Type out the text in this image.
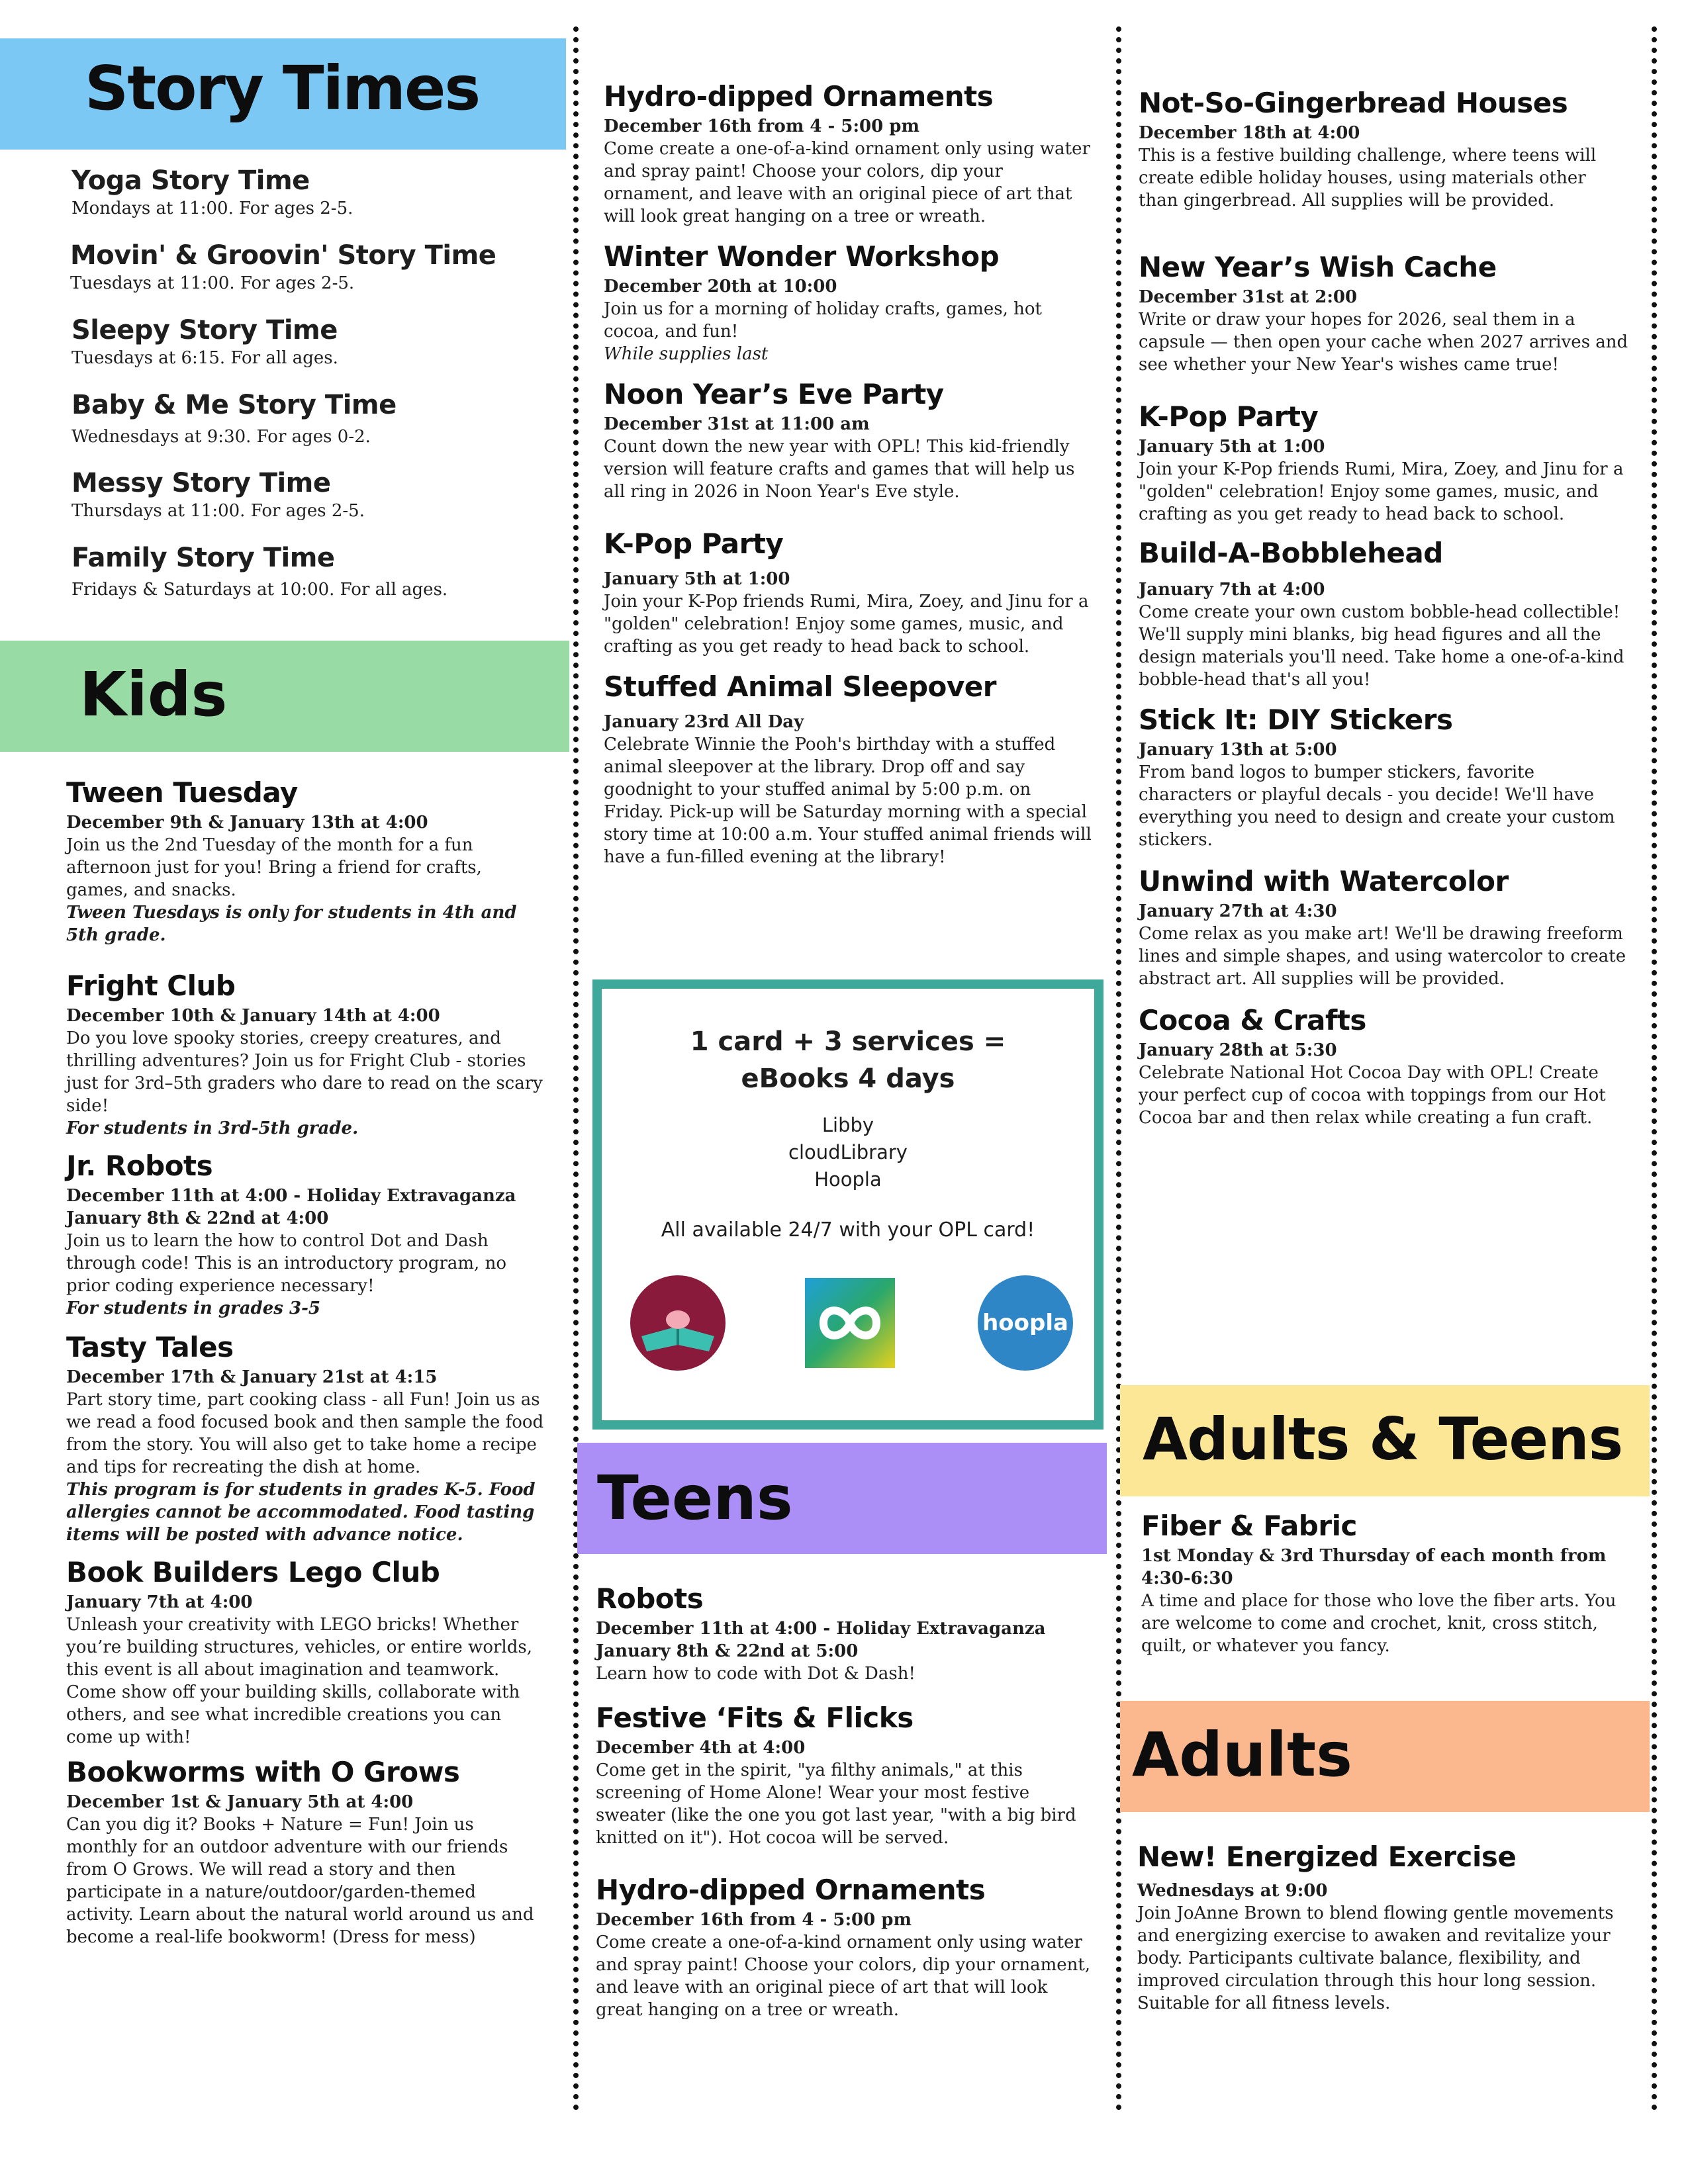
Story Times
Yoga Story Time
Mondays at 11:00. For ages 2-5.
Movin' & Groovin' Story Time
Tuesdays at 11:00. For ages 2-5.
Sleepy Story Time
Tuesdays at 6:15. For all ages.
Baby & Me Story Time
Wednesdays at 9:30. For ages 0-2.
Messy Story Time
Thursdays at 11:00. For ages 2-5.
Family Story Time
Fridays & Saturdays at 10:00. For all ages.
Kids
Tween Tuesday
December 9th & January 13th at 4:00
Join us the 2nd Tuesday of the month for a fun afternoon just for you! Bring a friend for crafts, games, and snacks.
Tween Tuesdays is only for students in 4th and 5th grade.
Fright Club
December 10th & January 14th at 4:00
Do you love spooky stories, creepy creatures, and thrilling adventures? Join us for Fright Club - stories just for 3rd–5th graders who dare to read on the scary side!
For students in 3rd-5th grade.
Jr. Robots
December 11th at 4:00 - Holiday Extravaganza
January 8th & 22nd at 4:00
Join us to learn the how to control Dot and Dash through code! This is an introductory program, no prior coding experience necessary!
For students in grades 3-5
Tasty Tales
December 17th & January 21st at 4:15
Part story time, part cooking class - all Fun! Join us as we read a food focused book and then sample the food from the story. You will also get to take home a recipe and tips for recreating the dish at home.
This program is for students in grades K-5. Food allergies cannot be accommodated. Food tasting items will be posted with advance notice.
Book Builders Lego Club
January 7th at 4:00
Unleash your creativity with LEGO bricks! Whether you’re building structures, vehicles, or entire worlds, this event is all about imagination and teamwork. Come show off your building skills, collaborate with others, and see what incredible creations you can come up with!
Bookworms with O Grows
December 1st & January 5th at 4:00
Can you dig it? Books + Nature = Fun! Join us monthly for an outdoor adventure with our friends from O Grows. We will read a story and then participate in a nature/outdoor/garden-themed activity. Learn about the natural world around us and become a real-life bookworm! (Dress for mess)
Hydro-dipped Ornaments
December 16th from 4 - 5:00 pm
Come create a one-of-a-kind ornament only using water and spray paint! Choose your colors, dip your ornament, and leave with an original piece of art that will look great hanging on a tree or wreath.
Winter Wonder Workshop
December 20th at 10:00
Join us for a morning of holiday crafts, games, hot cocoa, and fun!
While supplies last
Noon Year’s Eve Party
December 31st at 11:00 am
Count down the new year with OPL! This kid-friendly version will feature crafts and games that will help us all ring in 2026 in Noon Year's Eve style.
K-Pop Party
January 5th at 1:00
Join your K-Pop friends Rumi, Mira, Zoey, and Jinu for a "golden" celebration! Enjoy some games, music, and crafting as you get ready to head back to school.
Stuffed Animal Sleepover
January 23rd All Day
Celebrate Winnie the Pooh's birthday with a stuffed animal sleepover at the library. Drop off and say goodnight to your stuffed animal by 5:00 p.m. on Friday. Pick-up will be Saturday morning with a special story time at 10:00 a.m. Your stuffed animal friends will have a fun-filled evening at the library!
1 card + 3 services =
eBooks 4 days
Libby
cloudLibrary
Hoopla
All available 24/7 with your OPL card!
hoopla
Teens
Robots
December 11th at 4:00 - Holiday Extravaganza
January 8th & 22nd at 5:00
Learn how to code with Dot & Dash!
Festive ‘Fits & Flicks
December 4th at 4:00
Come get in the spirit, "ya filthy animals," at this screening of Home Alone! Wear your most festive sweater (like the one you got last year, "with a big bird knitted on it"). Hot cocoa will be served.
Hydro-dipped Ornaments
December 16th from 4 - 5:00 pm
Come create a one-of-a-kind ornament only using water and spray paint! Choose your colors, dip your ornament, and leave with an original piece of art that will look great hanging on a tree or wreath.
Not-So-Gingerbread Houses
December 18th at 4:00
This is a festive building challenge, where teens will create edible holiday houses, using materials other than gingerbread. All supplies will be provided.
New Year’s Wish Cache
December 31st at 2:00
Write or draw your hopes for 2026, seal them in a capsule — then open your cache when 2027 arrives and see whether your New Year's wishes came true!
K-Pop Party
January 5th at 1:00
Join your K-Pop friends Rumi, Mira, Zoey, and Jinu for a "golden" celebration! Enjoy some games, music, and crafting as you get ready to head back to school.
Build-A-Bobblehead
January 7th at 4:00
Come create your own custom bobble-head collectible! We'll supply mini blanks, big head figures and all the design materials you'll need. Take home a one-of-a-kind bobble-head that's all you!
Stick It: DIY Stickers
January 13th at 5:00
From band logos to bumper stickers, favorite characters or playful decals - you decide! We'll have everything you need to design and create your custom stickers.
Unwind with Watercolor
January 27th at 4:30
Come relax as you make art! We'll be drawing freeform lines and simple shapes, and using watercolor to create abstract art. All supplies will be provided.
Cocoa & Crafts
January 28th at 5:30
Celebrate National Hot Cocoa Day with OPL! Create your perfect cup of cocoa with toppings from our Hot Cocoa bar and then relax while creating a fun craft.
Adults & Teens
Fiber & Fabric
1st Monday & 3rd Thursday of each month from 4:30-6:30
A time and place for those who love the fiber arts. You are welcome to come and crochet, knit, cross stitch, quilt, or whatever you fancy.
Adults
New! Energized Exercise
Wednesdays at 9:00
Join JoAnne Brown to blend flowing gentle movements and energizing exercise to awaken and revitalize your body. Participants cultivate balance, flexibility, and improved circulation through this hour long session. Suitable for all fitness levels.
